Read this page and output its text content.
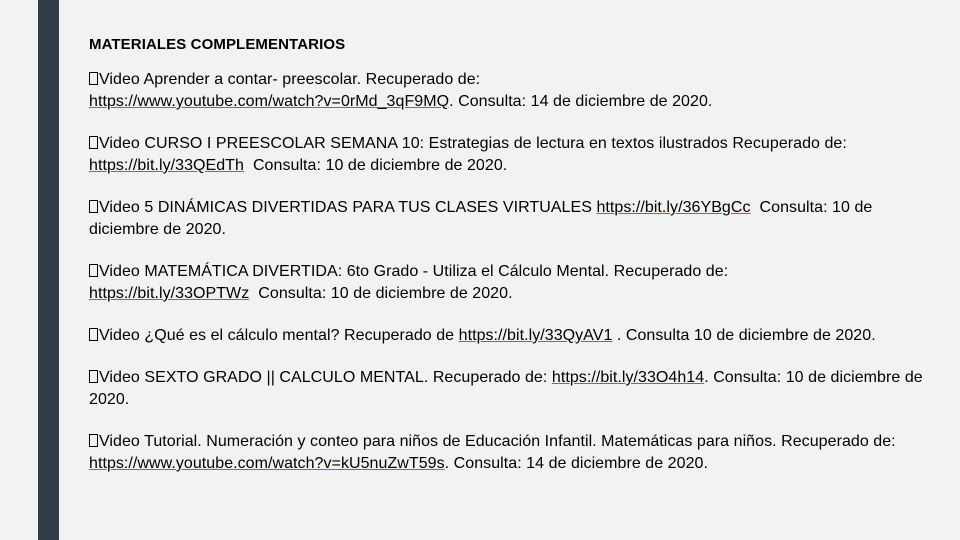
MATERIALES COMPLEMENTARIOS
Video Aprender a contar- preescolar. Recuperado de:
https://www.youtube.com/watch?v=0rMd_3qF9MQ. Consulta: 14 de diciembre de 2020.
Video CURSO I PREESCOLAR SEMANA 10: Estrategias de lectura en textos ilustrados Recuperado de: https://bit.ly/33QEdTh Consulta: 10 de diciembre de 2020.
Video 5 DINÁMICAS DIVERTIDAS PARA TUS CLASES VIRTUALES https://bit.ly/36YBgCc Consulta: 10 de diciembre de 2020.
Video MATEMÁTICA DIVERTIDA: 6to Grado - Utiliza el Cálculo Mental. Recuperado de:
https://bit.ly/33OPTWz Consulta: 10 de diciembre de 2020.
Video ¿Qué es el cálculo mental? Recuperado de https://bit.ly/33QyAV1 . Consulta 10 de diciembre de 2020.
Video SEXTO GRADO || CALCULO MENTAL. Recuperado de: https://bit.ly/33O4h14. Consulta: 10 de diciembre de 2020.
Video Tutorial. Numeración y conteo para niños de Educación Infantil. Matemáticas para niños. Recuperado de: https://www.youtube.com/watch?v=kU5nuZwT59s. Consulta: 14 de diciembre de 2020.
